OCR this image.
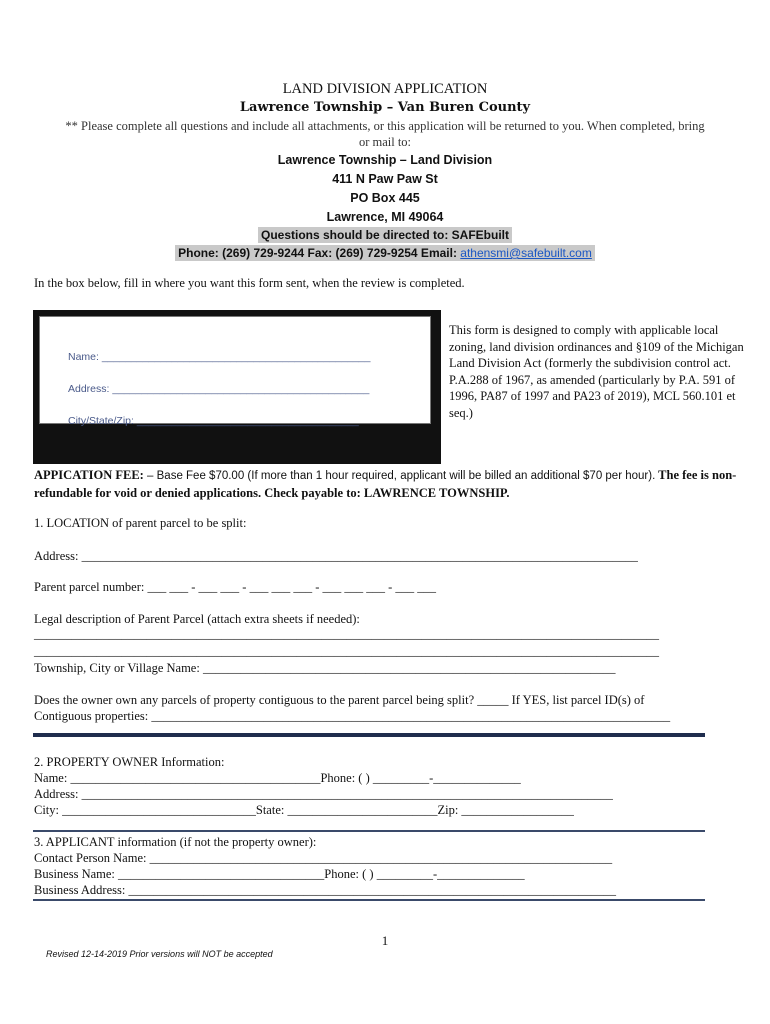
LAND DIVISION APPLICATION
Lawrence Township – Van Buren County
** Please complete all questions and include all attachments, or this application will be returned to you. When completed, bring or mail to:
Lawrence Township – Land Division
411 N Paw Paw St
PO Box 445
Lawrence, MI 49064
Questions should be directed to: SAFEbuilt
Phone: (269) 729-9244 Fax: (269) 729-9254 Email: athensmi@safebuilt.com
In the box below, fill in where you want this form sent, when the review is completed.
Name: ______________________________________________
Address: ____________________________________________
City/State/Zip: ______________________________________
This form is designed to comply with applicable local zoning, land division ordinances and §109 of the Michigan Land Division Act (formerly the subdivision control act. P.A.288 of 1967, as amended (particularly by P.A. 591 of 1996, PA87 of 1997 and PA23 of 2019), MCL 560.101 et seq.)
APPICATION FEE: – Base Fee $70.00 (If more than 1 hour required, applicant will be billed an additional $70 per hour). The fee is non-refundable for void or denied applications. Check payable to: LAWRENCE TOWNSHIP.
1. LOCATION of parent parcel to be split:
Address: _________________________________________________________________________________________
Parent parcel number: ___ ___ - ___ ___ - ___ ___ ___ - ___ ___ ___ - ___ ___
Legal description of Parent Parcel (attach extra sheets if needed):
____________________________________________________________________________________________________
____________________________________________________________________________________________________
Township, City or Village Name: __________________________________________________________________
Does the owner own any parcels of property contiguous to the parent parcel being split? _____ If YES, list parcel ID(s) of
Contiguous properties: ___________________________________________________________________________________
2. PROPERTY OWNER Information:
Name: ________________________________________Phone: ( ) _________-______________
Address: _____________________________________________________________________________________
City: _______________________________State: ________________________Zip: __________________
3. APPLICANT information (if not the property owner):
Contact Person Name: __________________________________________________________________________
Business Name: _________________________________Phone: ( ) _________-______________
Business Address: ______________________________________________________________________________
1
Revised 12-14-2019 Prior versions will NOT be accepted
